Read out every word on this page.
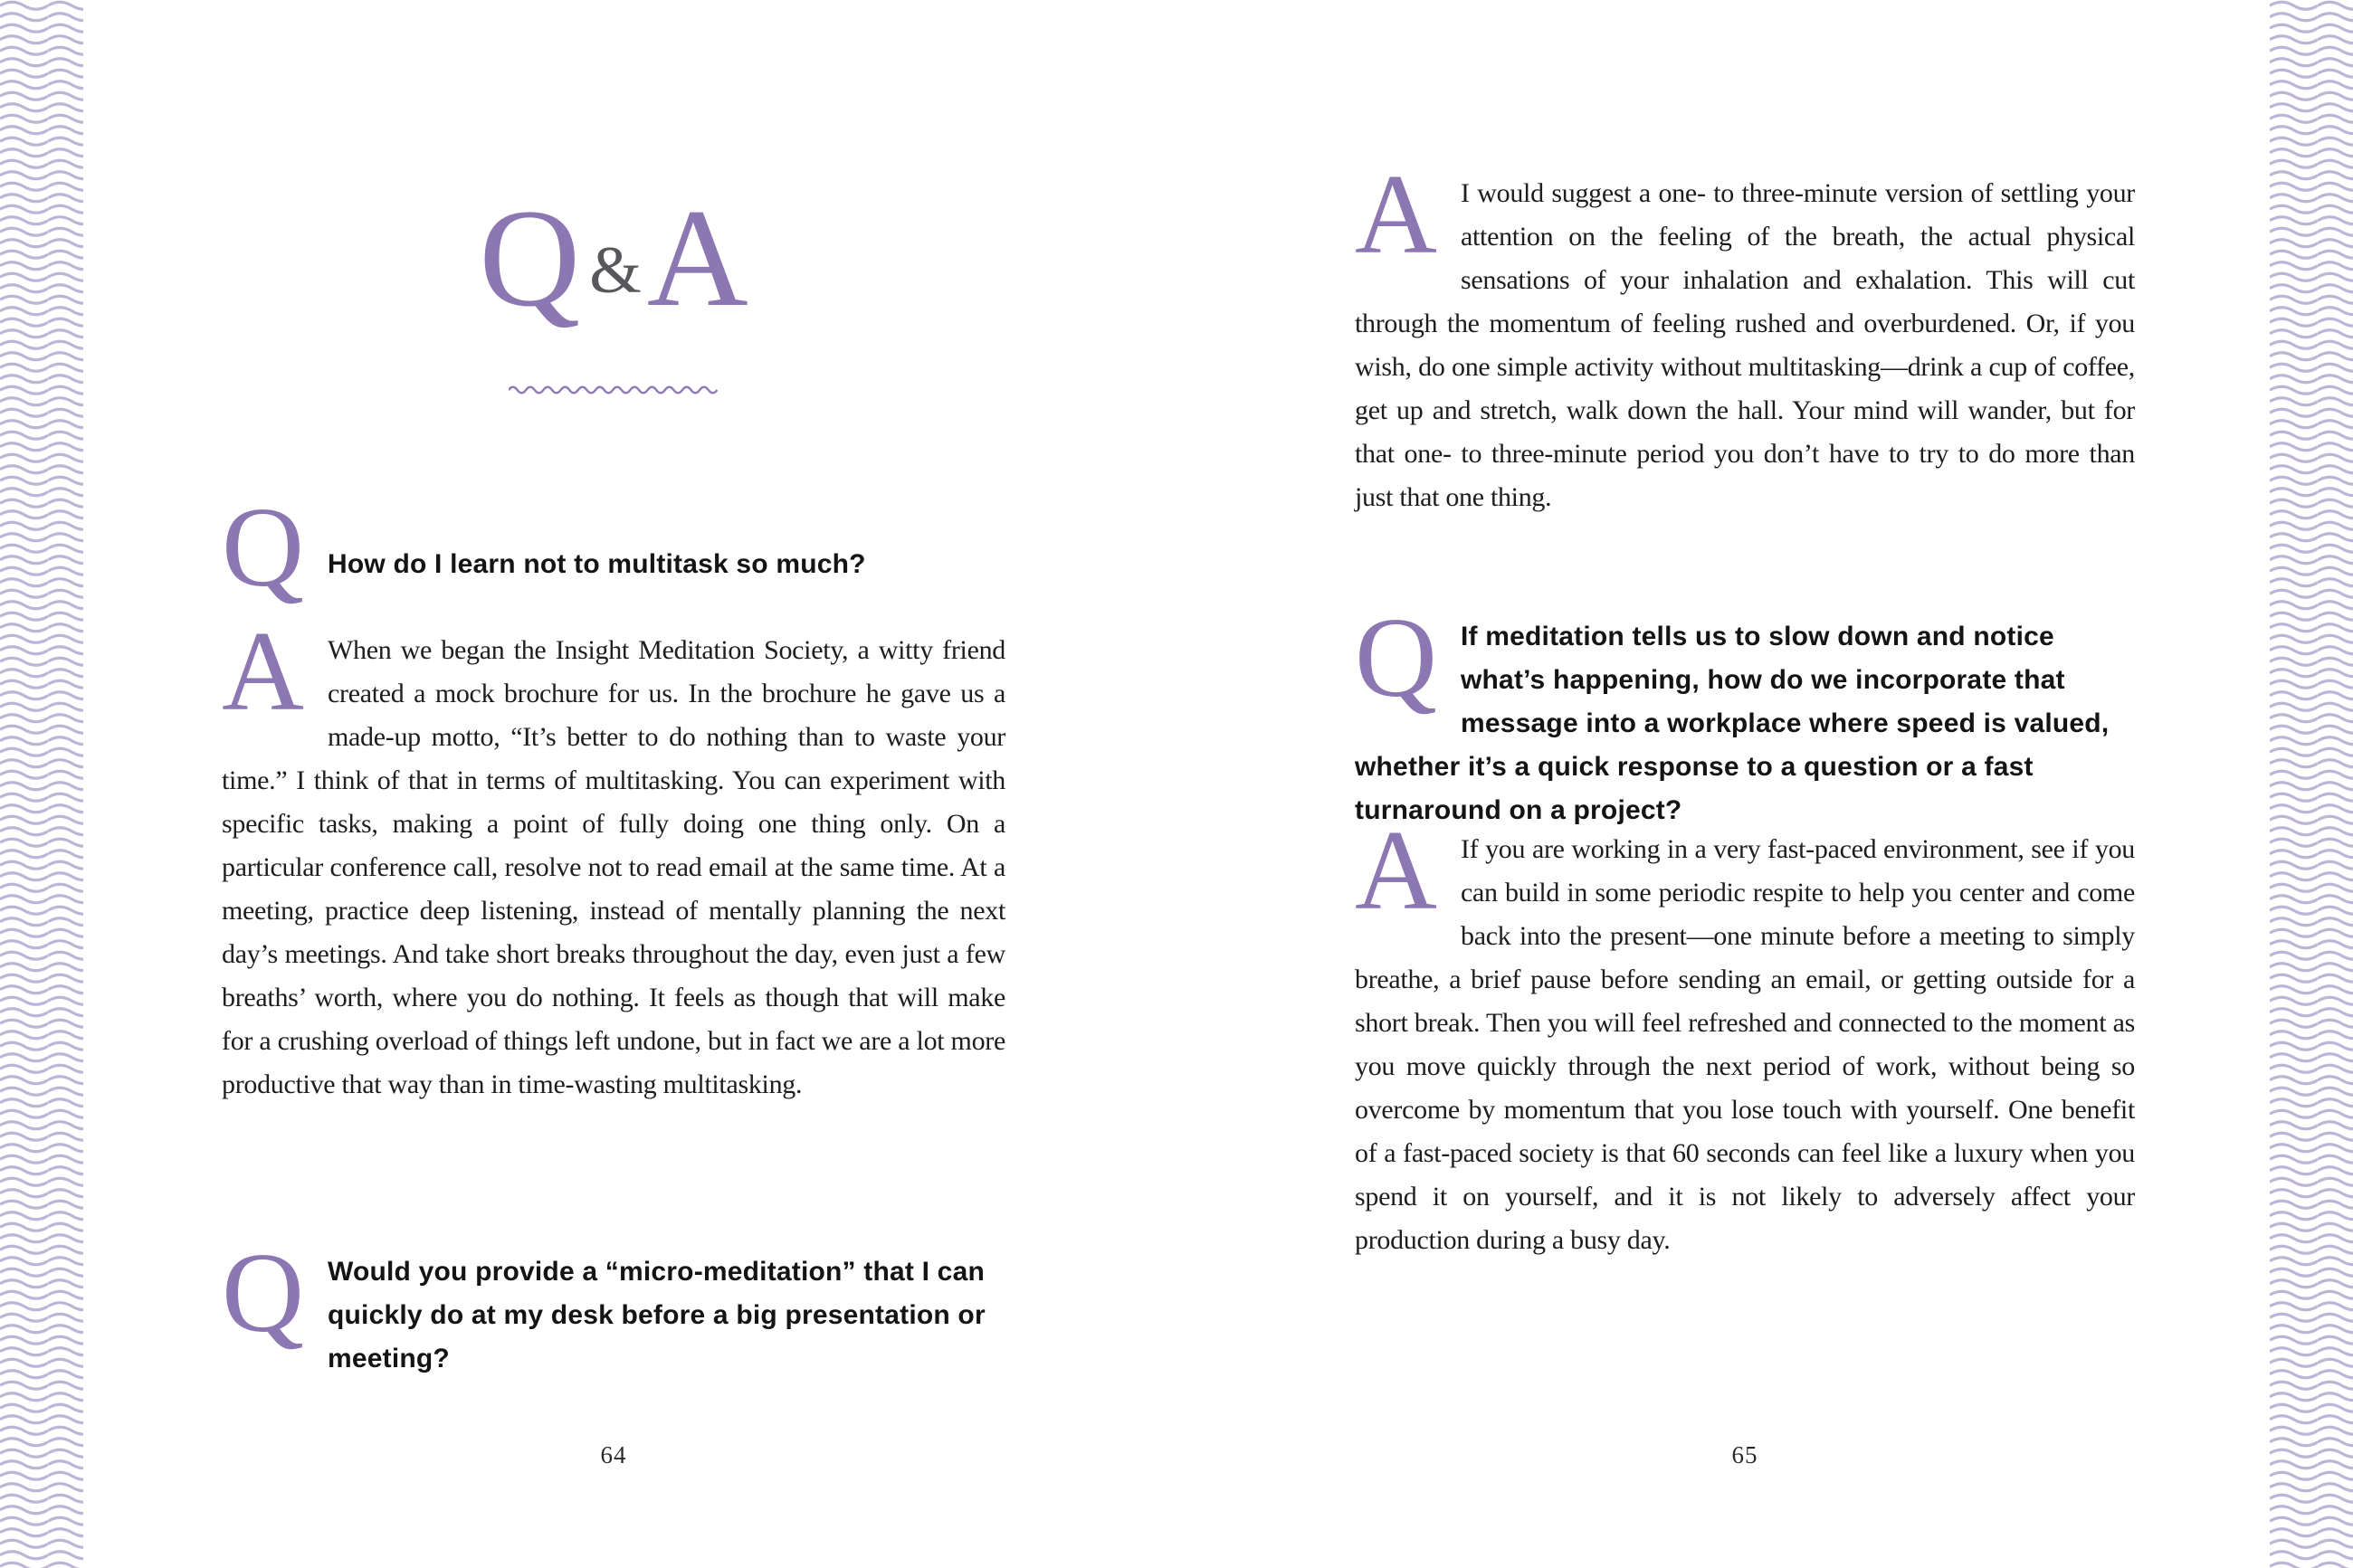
Q &A
Q How do I learn not to multitask so much?

A When we began the Insight Meditation Society, a witty friend created a mock brochure for us. In the brochure he gave us a made-up motto, “It’s better to do nothing than to waste your time.” I think of that in terms of multitasking. You can experiment with specific tasks, making a point of fully doing one thing only. On a particular conference call, resolve not to read email at the same time. At a meeting, practice deep listening, instead of mentally planning the next day’s meetings. And take short breaks throughout the day, even just a few breaths’ worth, where you do nothing. It feels as though that will make for a crushing overload of things left undone, but in fact we are a lot more productive that way than in time-wasting multitasking.

Q Would you provide a “micro-meditation” that I can quickly do at my desk before a big presentation or meeting?

64
A I would suggest a one- to three-minute version of settling your attention on the feeling of the breath, the actual physical sensations of your inhalation and exhalation. This will cut through the momentum of feeling rushed and overburdened. Or, if you wish, do one simple activity without multitasking—drink a cup of coffee, get up and stretch, walk down the hall. Your mind will wander, but for that one- to three-minute period you don’t have to try to do more than just that one thing.

Q If meditation tells us to slow down and notice what’s happening, how do we incorporate that message into a workplace where speed is valued, whether it’s a quick response to a question or a fast turnaround on a project?

A If you are working in a very fast-paced environment, see if you can build in some periodic respite to help you center and come back into the present—one minute before a meeting to simply breathe, a brief pause before sending an email, or getting outside for a short break. Then you will feel refreshed and connected to the moment as you move quickly through the next period of work, without being so overcome by momentum that you lose touch with yourself. One benefit of a fast-paced society is that 60 seconds can feel like a luxury when you spend it on yourself, and it is not likely to adversely affect your production during a busy day.

65
